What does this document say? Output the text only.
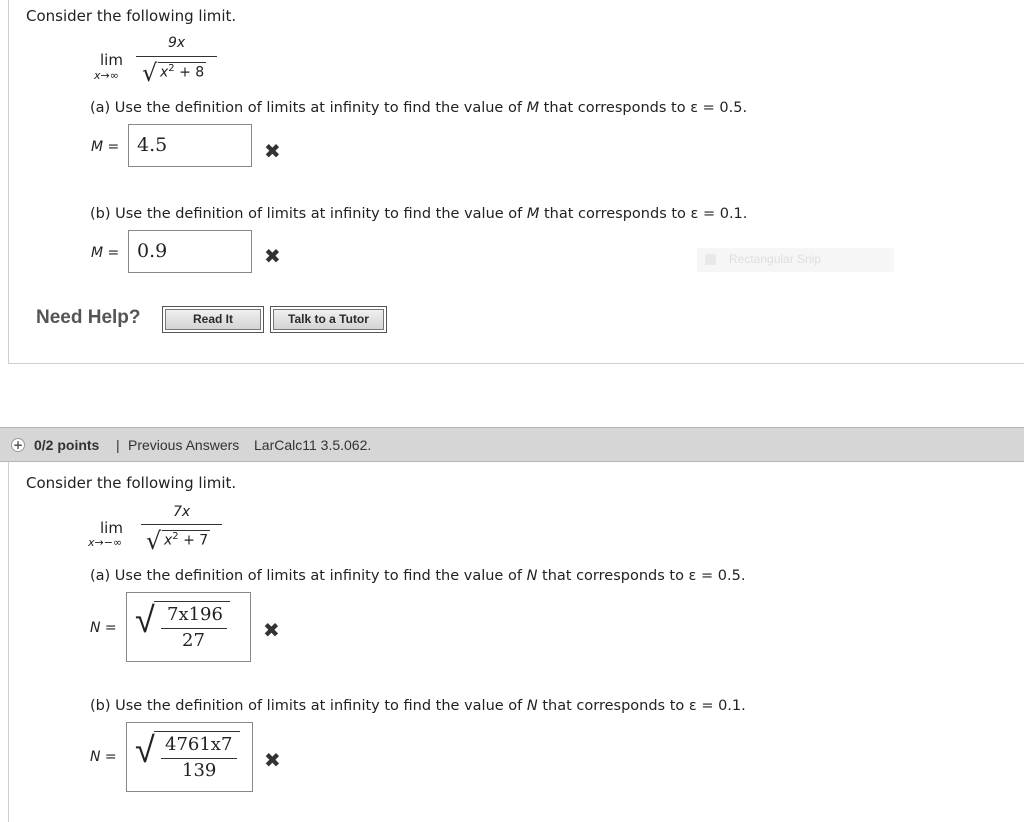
Consider the following limit.
lim
x→∞
9x
√ $x^2 + 8$
(a) Use the definition of limits at infinity to find the value of M that corresponds to ε = 0.5.
M = 4.5	✖
(b) Use the definition of limits at infinity to find the value of M that corresponds to ε = 0.1.
M = 0.9	✖	Rectangular Snip
Need Help?	Read It	Talk to a Tutor
+ 0/2 points | Previous Answers LarCalc11 3.5.062.
Consider the following limit.
lim
x→−∞
7x
√ $x^2 + 7$
(a) Use the definition of limits at infinity to find the value of N that corresponds to ε = 0.5.
N = √ 7x196
27	✖
(b) Use the definition of limits at infinity to find the value of N that corresponds to ε = 0.1.
N = √ 4761x7
139 ✖
